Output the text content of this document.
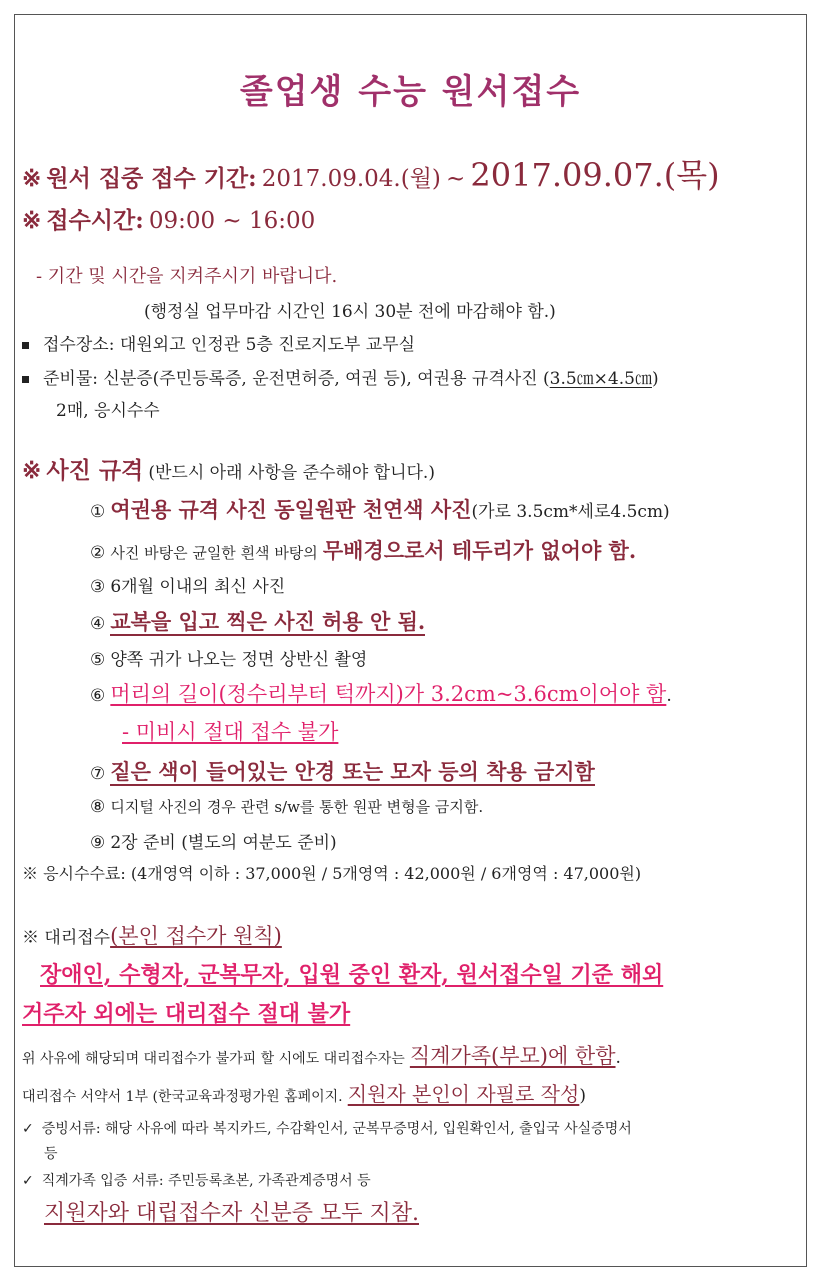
졸업생 수능 원서접수
※ 원서 집중 접수 기간: 2017.09.04.(월) ~ 2017.09.07.(목)
※ 접수시간: 09:00 ~ 16:00
- 기간 및 시간을 지켜주시기 바랍니다.
(행정실 업무마감 시간인 16시 30분 전에 마감해야 함.)
접수장소: 대원외고 인정관 5층 진로지도부 교무실
준비물: 신분증(주민등록증, 운전면허증, 여권 등), 여권용 규격사진 (3.5㎝×4.5㎝)
2매, 응시수수
※ 사진 규격 (반드시 아래 사항을 준수해야 합니다.)
① 여권용 규격 사진 동일원판 천연색 사진(가로 3.5cm*세로4.5cm)
② 사진 바탕은 균일한 흰색 바탕의 무배경으로서 테두리가 없어야 함.
③ 6개월 이내의 최신 사진
④ 교복을 입고 찍은 사진 허용 안 됨.
⑤ 양쪽 귀가 나오는 정면 상반신 촬영
⑥ 머리의 길이(정수리부터 턱까지)가 3.2cm~3.6cm이어야 함.
- 미비시 절대 접수 불가
⑦ 짙은 색이 들어있는 안경 또는 모자 등의 착용 금지함
⑧ 디지털 사진의 경우 관련 s/w를 통한 원판 변형을 금지함.
⑨ 2장 준비 (별도의 여분도 준비)
※ 응시수수료: (4개영역 이하 : 37,000원 / 5개영역 : 42,000원 / 6개영역 : 47,000원)
※ 대리접수(본인 접수가 원칙)
장애인, 수형자, 군복무자, 입원 중인 환자, 원서접수일 기준 해외
거주자 외에는 대리접수 절대 불가
위 사유에 해당되며 대리접수가 불가피 할 시에도 대리접수자는 직계가족(부모)에 한함.
대리접수 서약서 1부 (한국교육과정평가원 홈페이지. 지원자 본인이 자필로 작성)
✓ 증빙서류: 해당 사유에 따라 복지카드, 수감확인서, 군복무증명서, 입원확인서, 출입국 사실증명서
등
✓ 직계가족 입증 서류: 주민등록초본, 가족관계증명서 등
지원자와 대립접수자 신분증 모두 지참.
